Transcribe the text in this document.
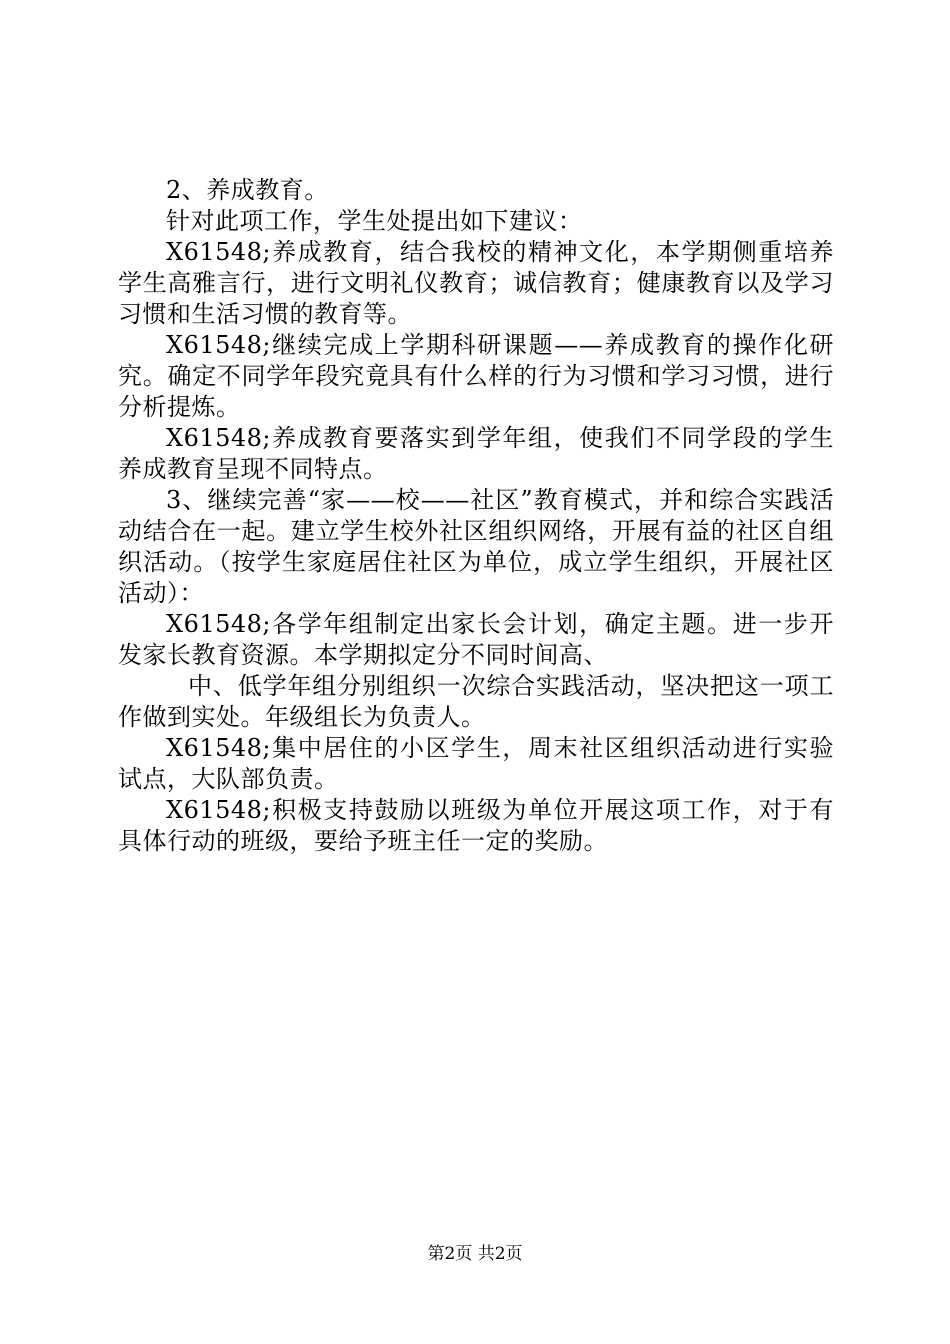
2、养成教育。

针对此项工作，学生处提出如下建议：

X61548;养成教育，结合我校的精神文化，本学期侧重培养学生高雅言行，进行文明礼仪教育；诚信教育；健康教育以及学习习惯和生活习惯的教育等。

X61548;继续完成上学期科研课题——养成教育的操作化研究。确定不同学年段究竟具有什么样的行为习惯和学习习惯，进行分析提炼。

X61548;养成教育要落实到学年组，使我们不同学段的学生养成教育呈现不同特点。

3、继续完善“家——校——社区”教育模式，并和综合实践活动结合在一起。建立学生校外社区组织网络，开展有益的社区自组织活动。（按学生家庭居住社区为单位，成立学生组织，开展社区活动）：

X61548;各学年组制定出家长会计划，确定主题。进一步开发家长教育资源。本学期拟定分不同时间高、

中、低学年组分别组织一次综合实践活动，坚决把这一项工作做到实处。年级组长为负责人。

X61548;集中居住的小区学生，周末社区组织活动进行实验试点，大队部负责。

X61548;积极支持鼓励以班级为单位开展这项工作，对于有具体行动的班级，要给予班主任一定的奖励。

第2页 共2页
